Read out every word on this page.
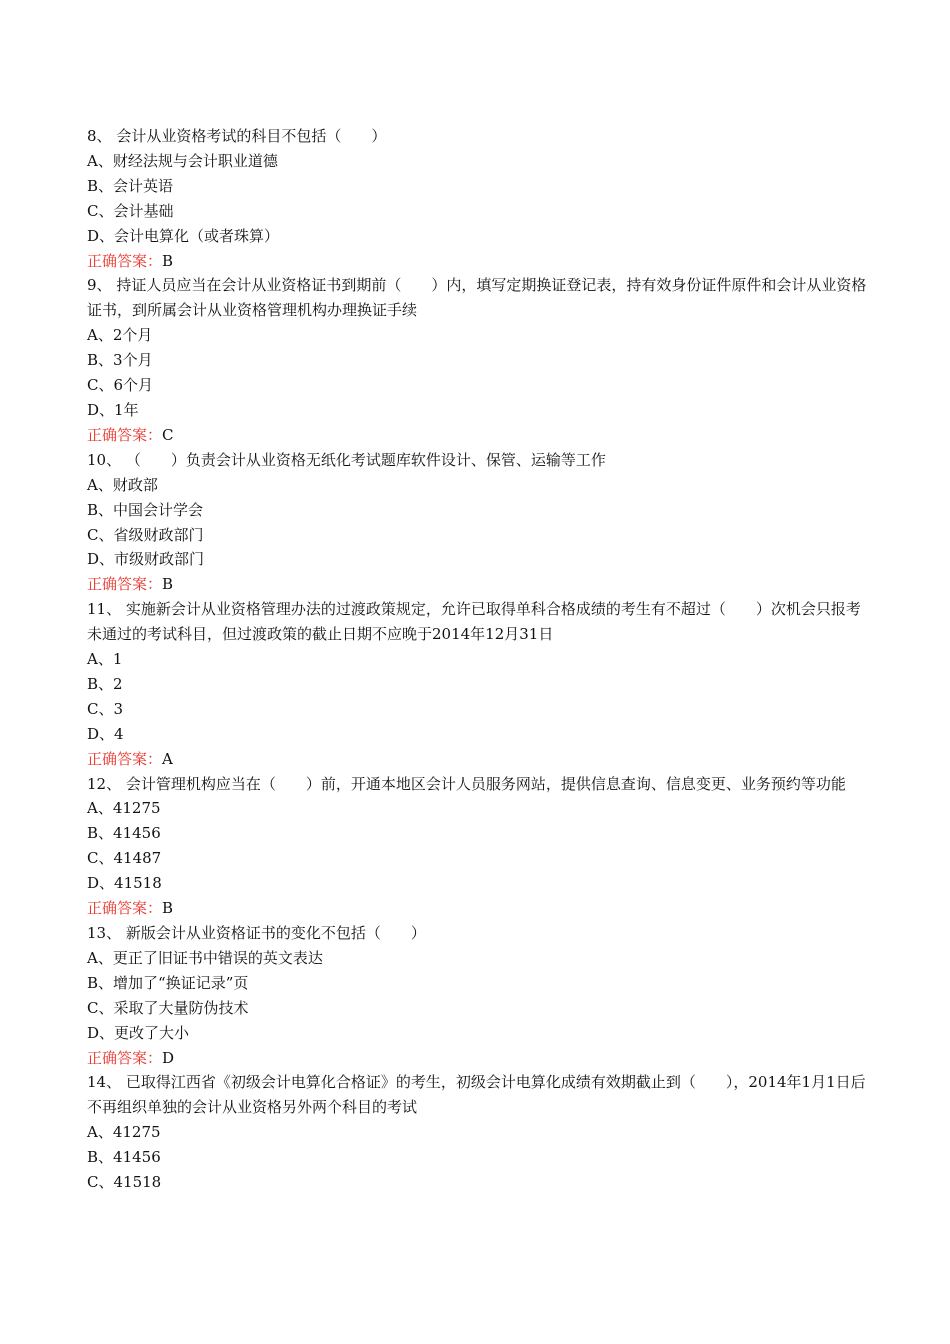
8、 会计从业资格考试的科目不包括（　　）

A、财经法规与会计职业道德

B、会计英语

C、会计基础

D、会计电算化（或者珠算）

正确答案：B

9、 持证人员应当在会计从业资格证书到期前（　　）内，填写定期换证登记表，持有效身份证件原件和会计从业资格证书，到所属会计从业资格管理机构办理换证手续

A、2个月

B、3个月

C、6个月

D、1年

正确答案：C

10、 （　　）负责会计从业资格无纸化考试题库软件设计、保管、运输等工作

A、财政部

B、中国会计学会

C、省级财政部门

D、市级财政部门

正确答案：B

11、 实施新会计从业资格管理办法的过渡政策规定，允许已取得单科合格成绩的考生有不超过（　　）次机会只报考未通过的考试科目，但过渡政策的截止日期不应晚于2014年12月31日

A、1

B、2

C、3

D、4

正确答案：A

12、 会计管理机构应当在（　　）前，开通本地区会计人员服务网站，提供信息查询、信息变更、业务预约等功能

A、41275

B、41456

C、41487

D、41518

正确答案：B

13、 新版会计从业资格证书的变化不包括（　　）

A、更正了旧证书中错误的英文表达

B、增加了“换证记录”页

C、采取了大量防伪技术

D、更改了大小

正确答案：D

14、 已取得江西省《初级会计电算化合格证》的考生，初级会计电算化成绩有效期截止到（　　），2014年1月1日后不再组织单独的会计从业资格另外两个科目的考试

A、41275

B、41456

C、41518
